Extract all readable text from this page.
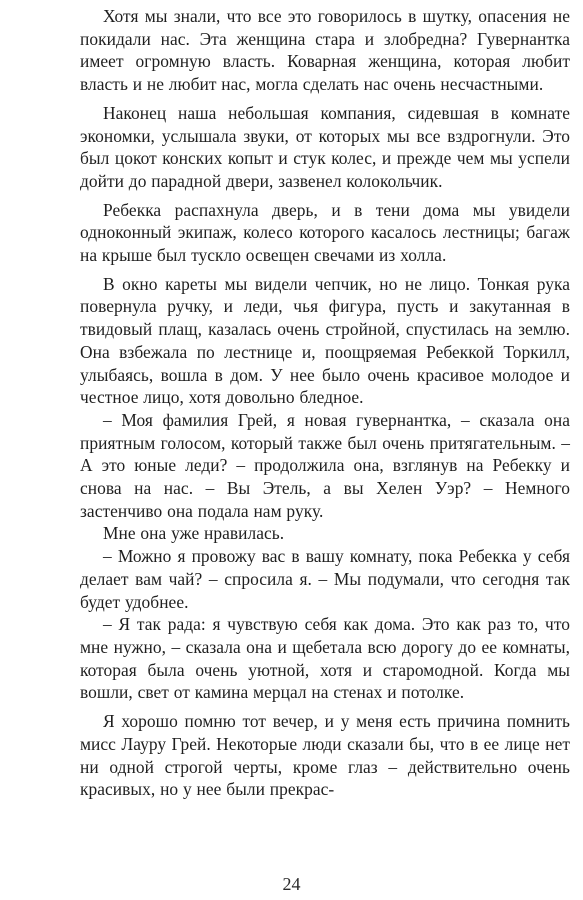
Хотя мы знали, что все это говорилось в шутку, опасения не покидали нас. Эта женщина стара и злобредна? Гувернантка имеет огромную власть. Коварная женщина, которая любит власть и не любит нас, могла сделать нас очень несчастными.

Наконец наша небольшая компания, сидевшая в комнате экономки, услышала звуки, от которых мы все вздрогнули. Это был цокот конских копыт и стук колес, и прежде чем мы успели дойти до парадной двери, зазвенел колокольчик.

Ребекка распахнула дверь, и в тени дома мы увидели одноконный экипаж, колесо которого касалось лестницы; багаж на крыше был тускло освещен свечами из холла.

В окно кареты мы видели чепчик, но не лицо. Тонкая рука повернула ручку, и леди, чья фигура, пусть и закутанная в твидовый плащ, казалась очень стройной, спустилась на землю. Она взбежала по лестнице и, поощряемая Ребеккой Торкилл, улыбаясь, вошла в дом. У нее было очень красивое молодое и честное лицо, хотя довольно бледное.

– Моя фамилия Грей, я новая гувернантка, – сказала она приятным голосом, который также был очень притягательным. – А это юные леди? – продолжила она, взглянув на Ребекку и снова на нас. – Вы Этель, а вы Хелен Уэр? – Немного застенчиво она подала нам руку.

Мне она уже нравилась.

– Можно я провожу вас в вашу комнату, пока Ребекка у себя делает вам чай? – спросила я. – Мы подумали, что сегодня так будет удобнее.

– Я так рада: я чувствую себя как дома. Это как раз то, что мне нужно, – сказала она и щебетала всю дорогу до ее комнаты, которая была очень уютной, хотя и старомодной. Когда мы вошли, свет от камина мерцал на стенах и потолке.

Я хорошо помню тот вечер, и у меня есть причина помнить мисс Лауру Грей. Некоторые люди сказали бы, что в ее лице нет ни одной строгой черты, кроме глаз – действительно очень красивых, но у нее были прекрас-

24
